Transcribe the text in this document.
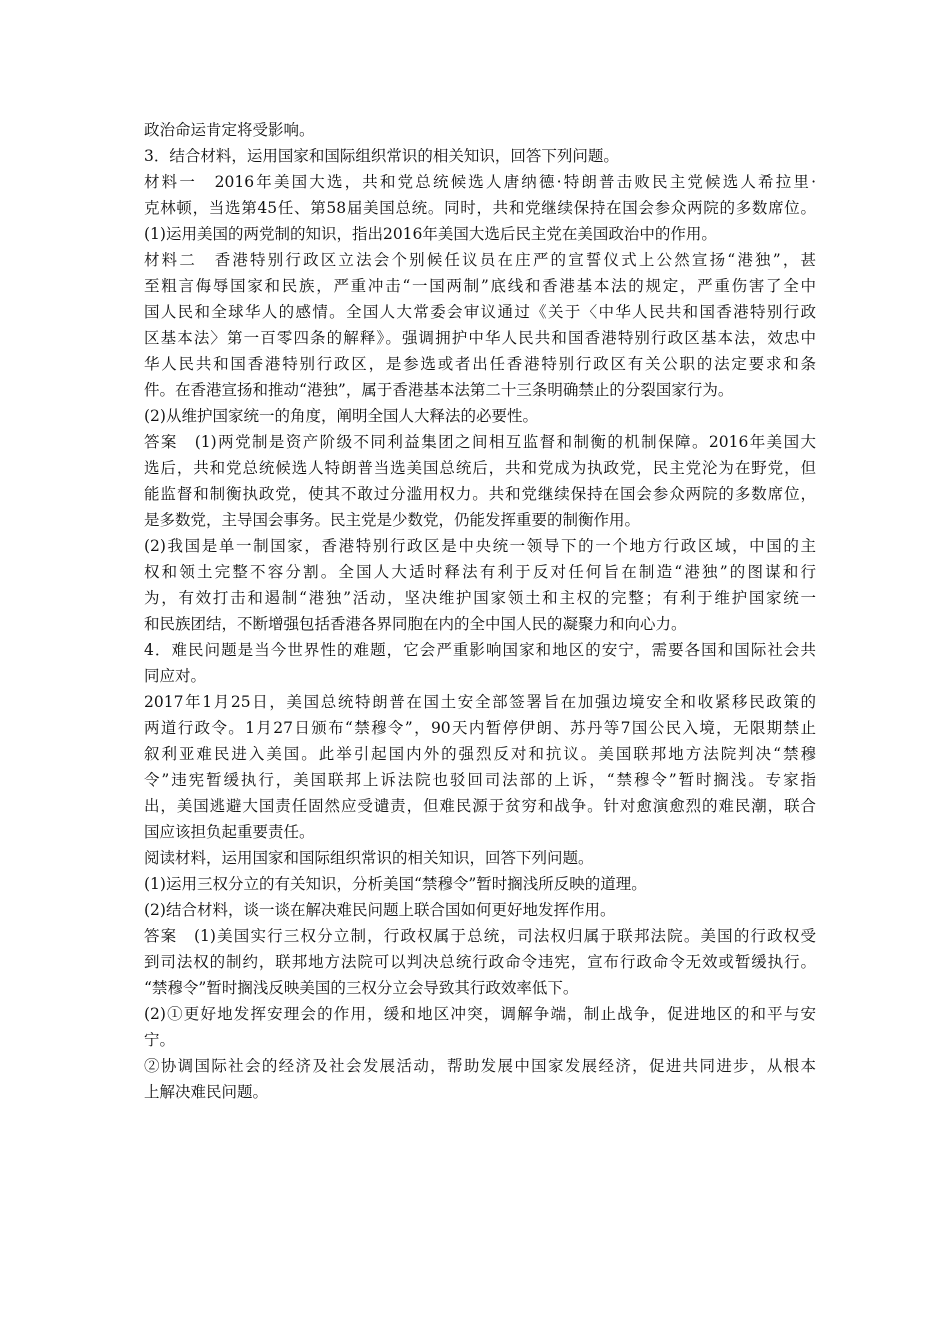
政治命运肯定将受影响。
3．结合材料，运用国家和国际组织常识的相关知识，回答下列问题。
材料一　2016年美国大选，共和党总统候选人唐纳德·特朗普击败民主党候选人希拉里·
克林顿，当选第45任、第58届美国总统。同时，共和党继续保持在国会参众两院的多数席位。
(1)运用美国的两党制的知识，指出2016年美国大选后民主党在美国政治中的作用。
材料二　香港特别行政区立法会个别候任议员在庄严的宣誓仪式上公然宣扬“港独”，甚
至粗言侮辱国家和民族，严重冲击“一国两制”底线和香港基本法的规定，严重伤害了全中
国人民和全球华人的感情。全国人大常委会审议通过《关于〈中华人民共和国香港特别行政
区基本法〉第一百零四条的解释》。强调拥护中华人民共和国香港特别行政区基本法，效忠中
华人民共和国香港特别行政区，是参选或者出任香港特别行政区有关公职的法定要求和条
件。在香港宣扬和推动“港独”，属于香港基本法第二十三条明确禁止的分裂国家行为。
(2)从维护国家统一的角度，阐明全国人大释法的必要性。
答案　(1)两党制是资产阶级不同利益集团之间相互监督和制衡的机制保障。2016年美国大
选后，共和党总统候选人特朗普当选美国总统后，共和党成为执政党，民主党沦为在野党，但
能监督和制衡执政党，使其不敢过分滥用权力。共和党继续保持在国会参众两院的多数席位，
是多数党，主导国会事务。民主党是少数党，仍能发挥重要的制衡作用。
(2)我国是单一制国家，香港特别行政区是中央统一领导下的一个地方行政区域，中国的主
权和领土完整不容分割。全国人大适时释法有利于反对任何旨在制造“港独”的图谋和行
为，有效打击和遏制“港独”活动，坚决维护国家领土和主权的完整；有利于维护国家统一
和民族团结，不断增强包括香港各界同胞在内的全中国人民的凝聚力和向心力。
4．难民问题是当今世界性的难题，它会严重影响国家和地区的安宁，需要各国和国际社会共
同应对。
2017年1月25日，美国总统特朗普在国土安全部签署旨在加强边境安全和收紧移民政策的
两道行政令。1月27日颁布“禁穆令”，90天内暂停伊朗、苏丹等7国公民入境，无限期禁止
叙利亚难民进入美国。此举引起国内外的强烈反对和抗议。美国联邦地方法院判决“禁穆
令”违宪暂缓执行，美国联邦上诉法院也驳回司法部的上诉，“禁穆令”暂时搁浅。专家指
出，美国逃避大国责任固然应受谴责，但难民源于贫穷和战争。针对愈演愈烈的难民潮，联合
国应该担负起重要责任。
阅读材料，运用国家和国际组织常识的相关知识，回答下列问题。
(1)运用三权分立的有关知识，分析美国“禁穆令”暂时搁浅所反映的道理。
(2)结合材料，谈一谈在解决难民问题上联合国如何更好地发挥作用。
答案　(1)美国实行三权分立制，行政权属于总统，司法权归属于联邦法院。美国的行政权受
到司法权的制约，联邦地方法院可以判决总统行政命令违宪，宣布行政命令无效或暂缓执行。
“禁穆令”暂时搁浅反映美国的三权分立会导致其行政效率低下。
(2)①更好地发挥安理会的作用，缓和地区冲突，调解争端，制止战争，促进地区的和平与安
宁。
②协调国际社会的经济及社会发展活动，帮助发展中国家发展经济，促进共同进步，从根本
上解决难民问题。
